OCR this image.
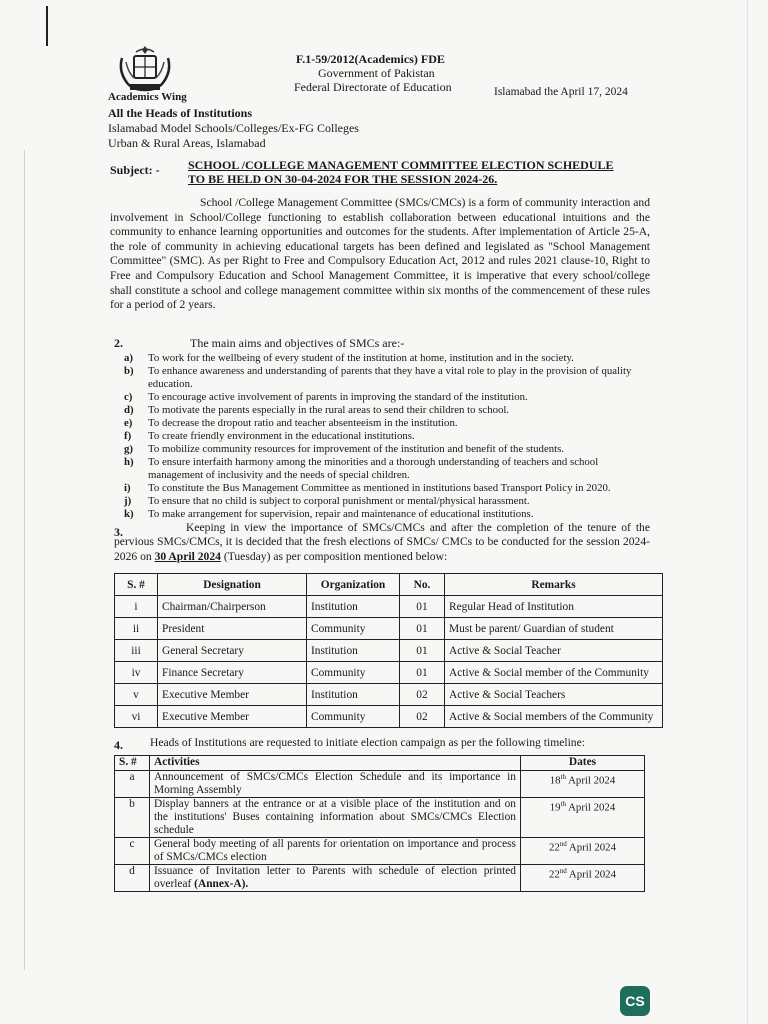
F.1-59/2012(Academics) FDE
Government of Pakistan
Federal Directorate of Education
Academics Wing	Islamabad the April 17, 2024
All the Heads of Institutions
Islamabad Model Schools/Colleges/Ex-FG Colleges
Urban & Rural Areas, Islamabad
Subject: - SCHOOL /COLLEGE MANAGEMENT COMMITTEE ELECTION SCHEDULE
TO BE HELD ON 30-04-2024 FOR THE SESSION 2024-26.
School /College Management Committee (SMCs/CMCs) is a form of community interaction and involvement in School/College functioning to establish collaboration between educational intuitions and the community to enhance learning opportunities and outcomes for the students. After implementation of Article 25-A, the role of community in achieving educational targets has been defined and legislated as "School Management Committee" (SMC). As per Right to Free and Compulsory Education Act, 2012 and rules 2021 clause-10, Right to Free and Compulsory Education and School Management Committee, it is imperative that every school/college shall constitute a school and college management committee within six months of the commencement of these rules for a period of 2 years.
2.	The main aims and objectives of SMCs are:-
a)	To work for the wellbeing of every student of the institution at home, institution and in the society.
b)	To enhance awareness and understanding of parents that they have a vital role to play in the provision of quality education.
c)	To encourage active involvement of parents in improving the standard of the institution.
d)	To motivate the parents especially in the rural areas to send their children to school.
e)	To decrease the dropout ratio and teacher absenteeism in the institution.
f)	To create friendly environment in the educational institutions.
g)	To mobilize community resources for improvement of the institution and benefit of the students.
h)	To ensure interfaith harmony among the minorities and a thorough understanding of teachers and school management of inclusivity and the needs of special children.
i)	To constitute the Bus Management Committee as mentioned in institutions based Transport Policy in 2020.
j)	To ensure that no child is subject to corporal punishment or mental/physical harassment.
k)	To make arrangement for supervision, repair and maintenance of educational institutions.
3.	Keeping in view the importance of SMCs/CMCs and after the completion of the tenure of the pervious SMCs/CMCs, it is decided that the fresh elections of SMCs/ CMCs to be conducted for the session 2024-2026 on 30 April 2024 (Tuesday) as per composition mentioned below:
S. #	Designation	Organization	No.	Remarks
i	Chairman/Chairperson	Institution	01	Regular Head of Institution
ii	President	Community	01	Must be parent/ Guardian of student
iii	General Secretary	Institution	01	Active & Social Teacher
iv	Finance Secretary	Community	01	Active & Social member of the Community
v	Executive Member	Institution	02	Active & Social Teachers
vi	Executive Member	Community	02	Active & Social members of the Community
4. Heads of Institutions are requested to initiate election campaign as per the following timeline:
S. #	Activities	Dates
a	Announcement of SMCs/CMCs Election Schedule and its importance in Morning Assembly	18th April 2024
b	Display banners at the entrance or at a visible place of the institution and on the institutions' Buses containing information about SMCs/CMCs Election schedule	19th April 2024
c	General body meeting of all parents for orientation on importance and process of SMCs/CMCs election	22nd April 2024
d	Issuance of Invitation letter to Parents with schedule of election printed overleaf (Annex-A).	22nd April 2024
CS
